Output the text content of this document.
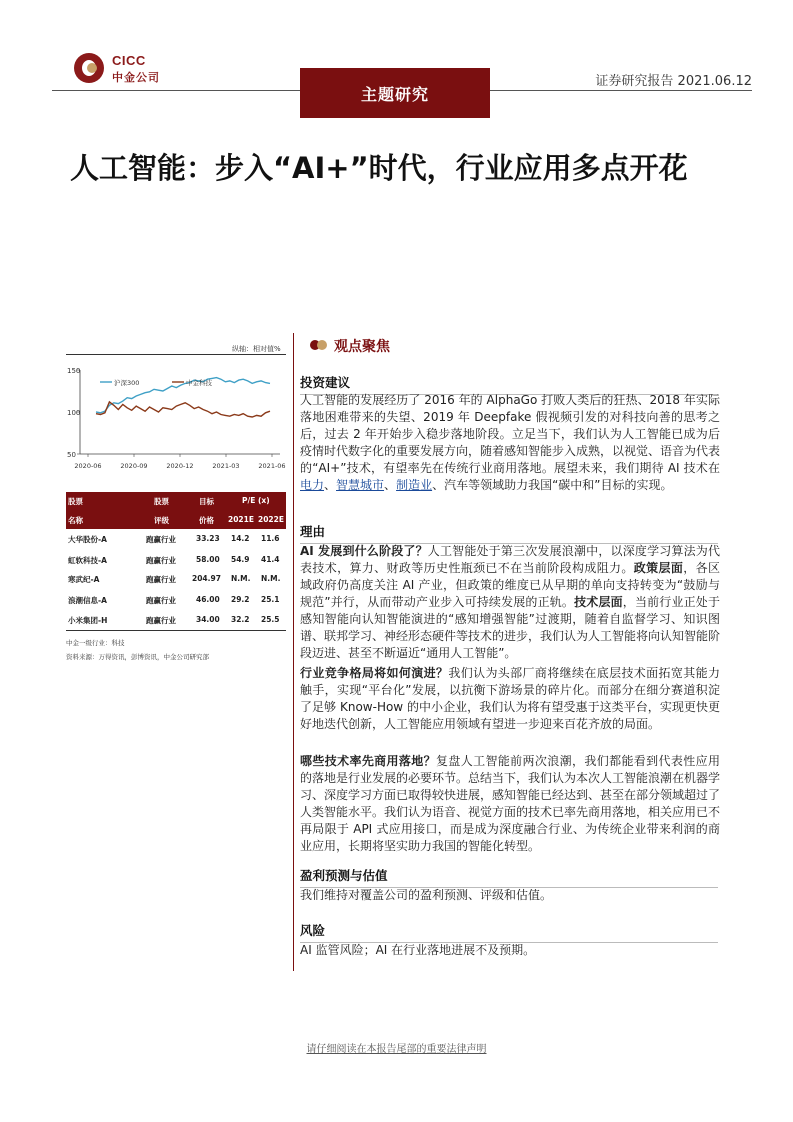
CICC
中金公司
主题研究
证券研究报告 2021.06.12
人工智能：步入“AI+”时代，行业应用多点开花
纵轴：相对值%
150
100
50
2020-06	2020-09	2020-12	2021-03	2021-06
沪深300	中金科技
股票	股票	目标	P/E (x)
名称	评级	价格 2021E 2022E
大华股份-A	跑赢行业	33.23 14.2 11.6
虹软科技-A	跑赢行业	58.00 54.9 41.4
寒武纪-A	跑赢行业 204.97 N.M. N.M.
浪潮信息-A	跑赢行业	46.00 29.2 25.1
小米集团-H	跑赢行业	34.00 32.2 25.5
中金一级行业：科技
资料来源：万得资讯，彭博资讯，中金公司研究部
观点聚焦
投资建议
人工智能的发展经历了 2016 年的 AlphaGo 打败人类后的狂热、2018 年实际落地困难带来的失望、2019 年 Deepfake 假视频引发的对科技向善的思考之后，过去 2 年开始步入稳步落地阶段。立足当下，我们认为人工智能已成为后疫情时代数字化的重要发展方向，随着感知智能步入成熟，以视觉、语音为代表的“AI+”技术，有望率先在传统行业商用落地。展望未来，我们期待 AI 技术在电力、智慧城市、制造业、汽车等领域助力我国“碳中和”目标的实现。
理由
AI 发展到什么阶段了？人工智能处于第三次发展浪潮中，以深度学习算法为代表技术，算力、财政等历史性瓶颈已不在当前阶段构成阻力。政策层面，各区域政府仍高度关注 AI 产业，但政策的维度已从早期的单向支持转变为“鼓励与规范”并行，从而带动产业步入可持续发展的正轨。技术层面，当前行业正处于感知智能向认知智能演进的“感知增强智能”过渡期，随着自监督学习、知识图谱、联邦学习、神经形态硬件等技术的进步，我们认为人工智能将向认知智能阶段迈进、甚至不断逼近“通用人工智能”。
行业竞争格局将如何演进？我们认为头部厂商将继续在底层技术面拓宽其能力触手，实现“平台化”发展，以抗衡下游场景的碎片化。而部分在细分赛道积淀了足够 Know-How 的中小企业，我们认为将有望受惠于这类平台，实现更快更好地迭代创新，人工智能应用领域有望进一步迎来百花齐放的局面。
哪些技术率先商用落地？复盘人工智能前两次浪潮，我们都能看到代表性应用的落地是行业发展的必要环节。总结当下，我们认为本次人工智能浪潮在机器学习、深度学习方面已取得较快进展，感知智能已经达到、甚至在部分领域超过了人类智能水平。我们认为语音、视觉方面的技术已率先商用落地，相关应用已不再局限于 API 式应用接口，而是成为深度融合行业、为传统企业带来利润的商业应用，长期将坚实助力我国的智能化转型。
盈利预测与估值
我们维持对覆盖公司的盈利预测、评级和估值。
风险
AI 监管风险；AI 在行业落地进展不及预期。
请仔细阅读在本报告尾部的重要法律声明
